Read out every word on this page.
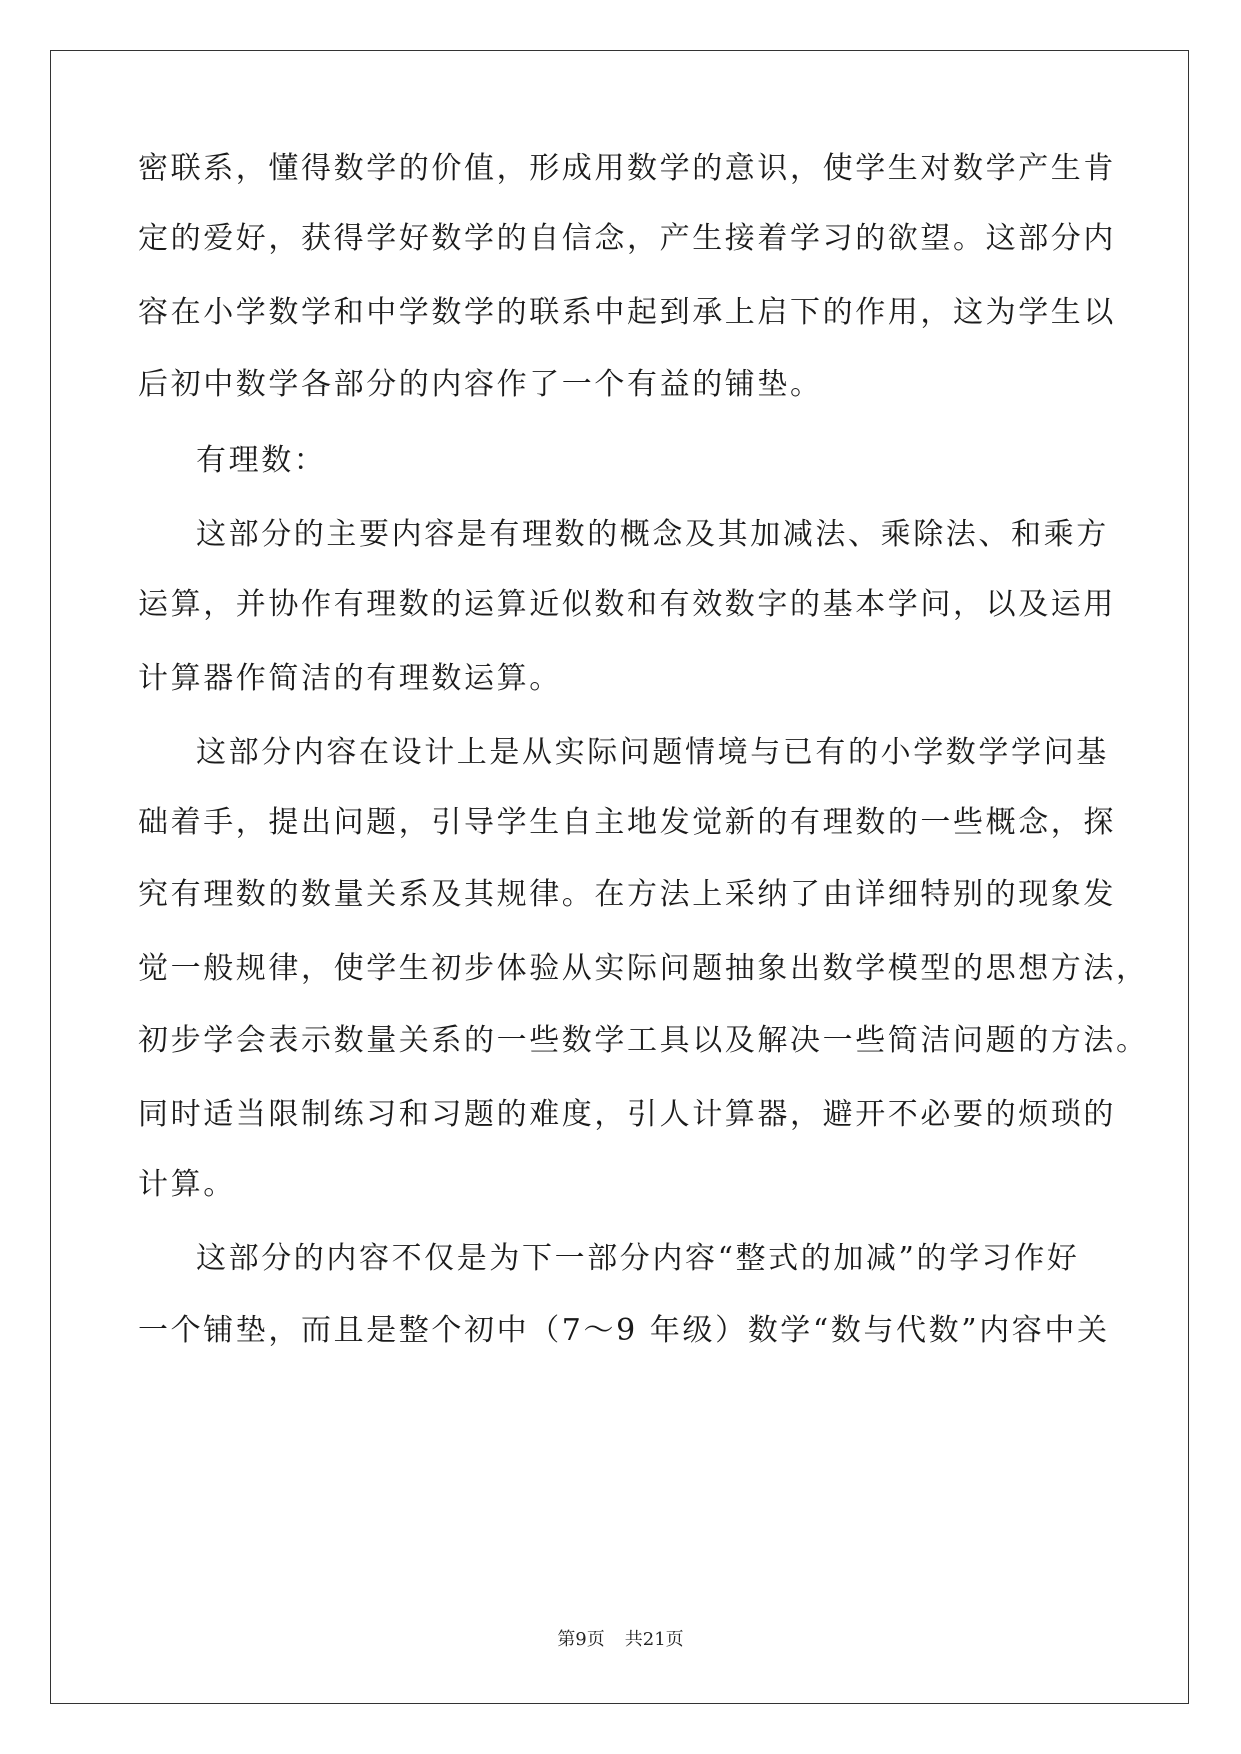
密联系，懂得数学的价值，形成用数学的意识，使学生对数学产生肯

定的爱好，获得学好数学的自信念，产生接着学习的欲望。这部分内

容在小学数学和中学数学的联系中起到承上启下的作用，这为学生以

后初中数学各部分的内容作了一个有益的铺垫。

有理数：

这部分的主要内容是有理数的概念及其加减法、乘除法、和乘方

运算，并协作有理数的运算近似数和有效数字的基本学问，以及运用

计算器作简洁的有理数运算。

这部分内容在设计上是从实际问题情境与已有的小学数学学问基

础着手，提出问题，引导学生自主地发觉新的有理数的一些概念，探

究有理数的数量关系及其规律。在方法上采纳了由详细特别的现象发

觉一般规律，使学生初步体验从实际问题抽象出数学模型的思想方法，

初步学会表示数量关系的一些数学工具以及解决一些简洁问题的方法。

同时适当限制练习和习题的难度，引人计算器，避开不必要的烦琐的

计算。

这部分的内容不仅是为下一部分内容“整式的加减”的学习作好

一个铺垫，而且是整个初中（7～9 年级）数学“数与代数”内容中关

第9页 共21页
